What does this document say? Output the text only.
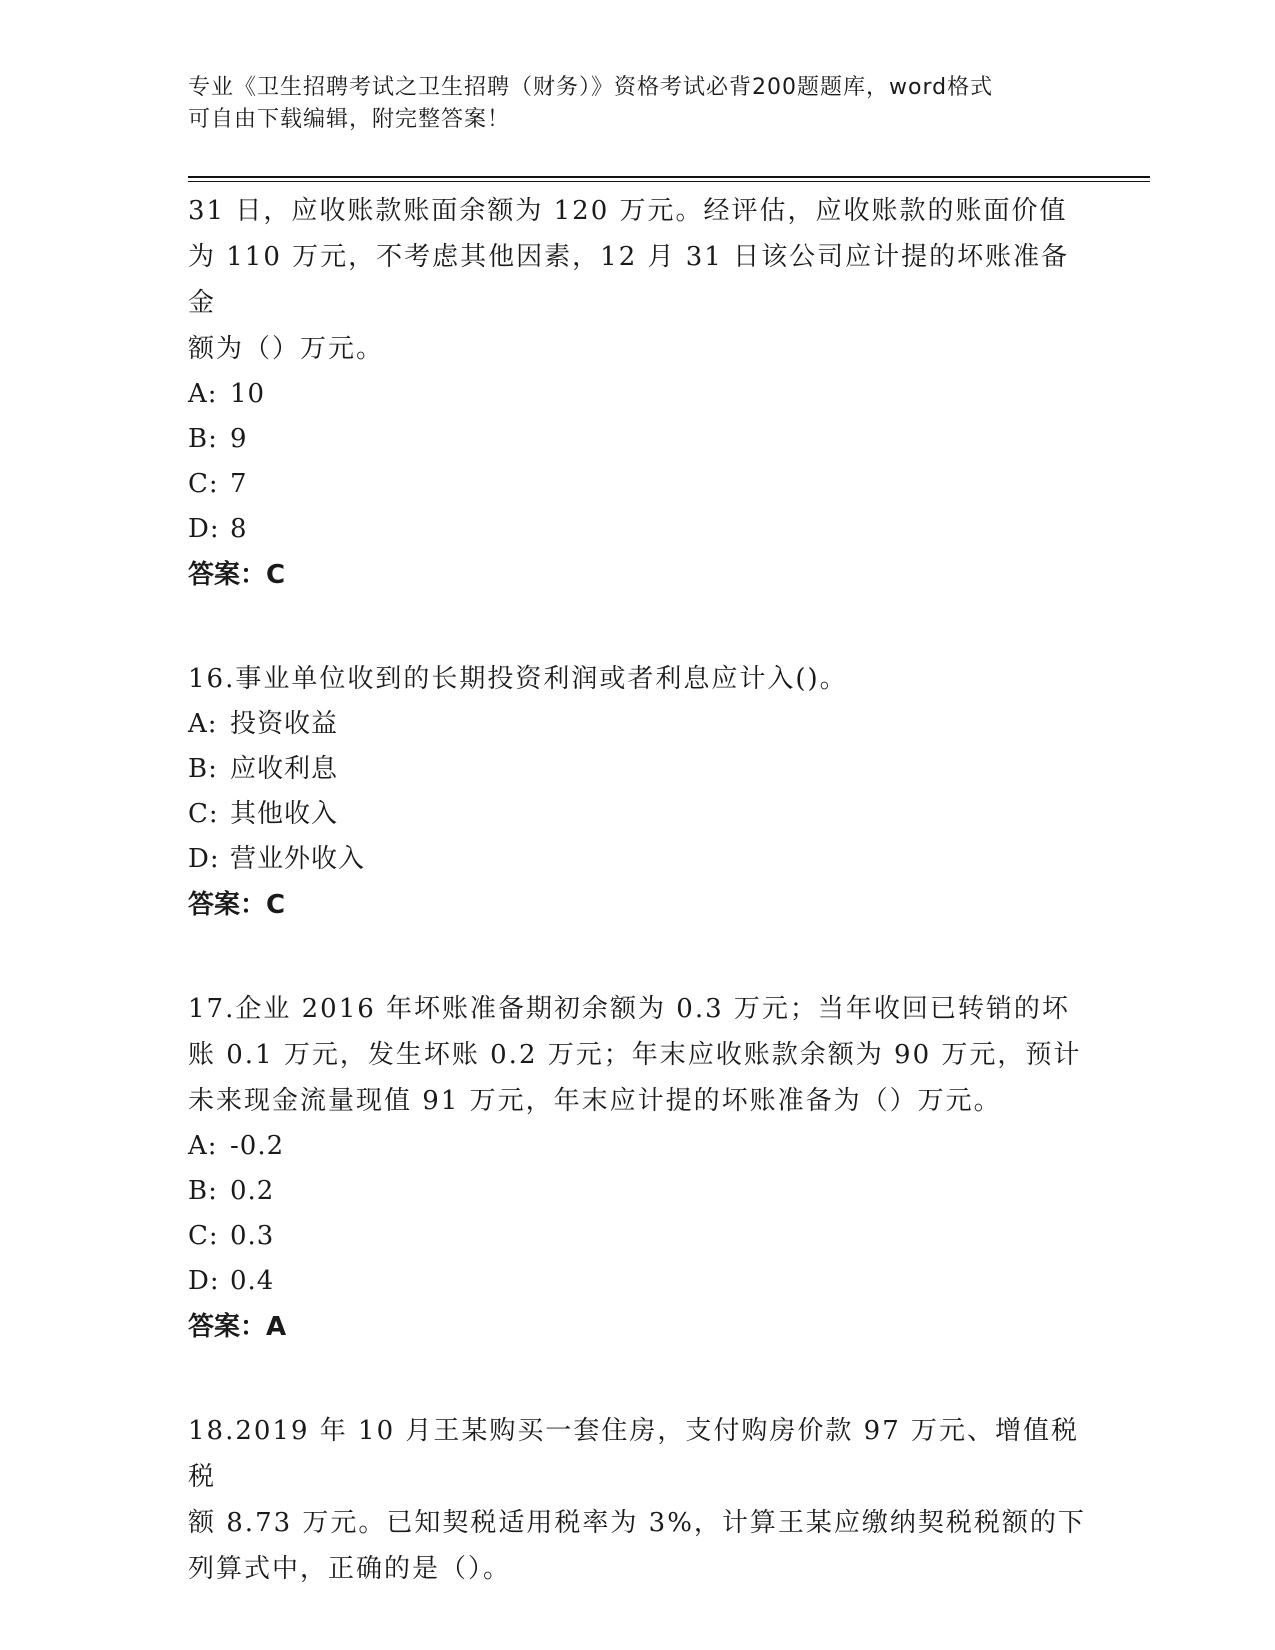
专业《卫生招聘考试之卫生招聘（财务）》资格考试必背200题题库，word格式
可自由下载编辑，附完整答案！

31 日，应收账款账面余额为 120 万元。经评估，应收账款的账面价值

为 110 万元，不考虑其他因素，12 月 31 日该公司应计提的坏账准备金

额为（）万元。

A: 10

B: 9

C: 7

D: 8

答案：C

16.事业单位收到的长期投资利润或者利息应计入()。

A: 投资收益

B: 应收利息

C: 其他收入

D: 营业外收入

答案：C

17.企业 2016 年坏账准备期初余额为 0.3 万元；当年收回已转销的坏

账 0.1 万元，发生坏账 0.2 万元；年末应收账款余额为 90 万元，预计

未来现金流量现值 91 万元，年末应计提的坏账准备为（）万元。

A: -0.2

B: 0.2

C: 0.3

D: 0.4

答案：A

18.2019 年 10 月王某购买一套住房，支付购房价款 97 万元、增值税税

额 8.73 万元。已知契税适用税率为 3%，计算王某应缴纳契税税额的下

列算式中，正确的是（）。
